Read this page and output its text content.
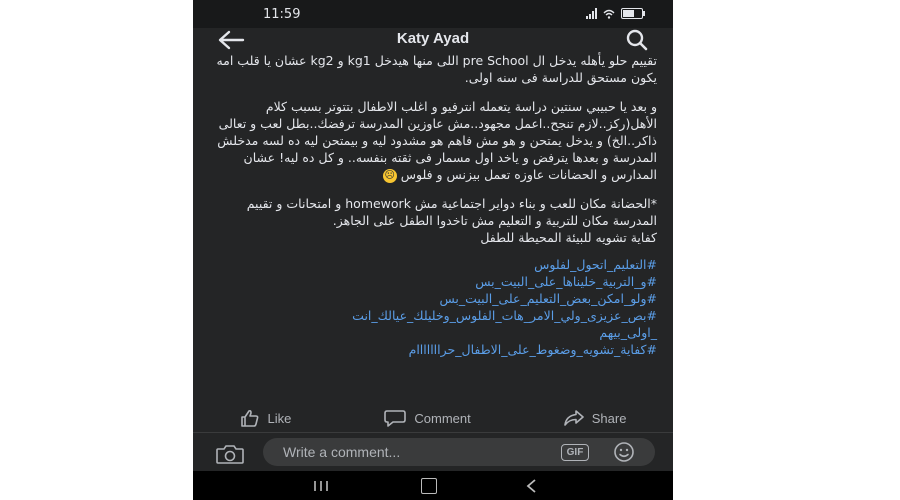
11:59
Katy Ayad

تقييم حلو يأهله يدخل ال pre School اللى منها هيدخل kg1 و kg2 عشان يا قلب امه يكون مستحق للدراسة فى سنه اولى.

و بعد يا حبيبي سنتين دراسة يتعمله انترفيو و اغلب الاطفال بتتوتر بسبب كلام الأهل(ركز..لازم تنجح..اعمل مجهود..مش عاوزين المدرسة ترفضك..بطل لعب و تعالى ذاكر..الخ) و يدخل يمتحن و هو مش فاهم هو مشدود ليه و بيمتحن ليه ده لسه مدخلش المدرسة و بعدها يترفض و ياخد اول مسمار فى ثقته بنفسه.. و كل ده ليه! عشان المدارس و الحضانات عاوزه تعمل بيزنس و فلوس ☹

*الحضانة مكان للعب و بناء دواير اجتماعية مش homework و امتحانات و تقييم
المدرسة مكان للتربية و التعليم مش تاخدوا الطفل على الجاهز.
كفاية تشويه للبيئة المحيطة للطفل
#التعليم_اتحول_لفلوس
#و_التربية_خليناها_على_البيت_بس
#ولو_امكن_بعض_التعليم_على_البيت_بس
#بص_عزيزى_ولي_الامر_هات_الفلوس_وخليلك_عيالك_انت
_اولى_بيهم
#كفاية_تشويه_وضغوط_على_الاطفال_حرااااااام
Like	Comment	Share
Write a comment...	GIF
